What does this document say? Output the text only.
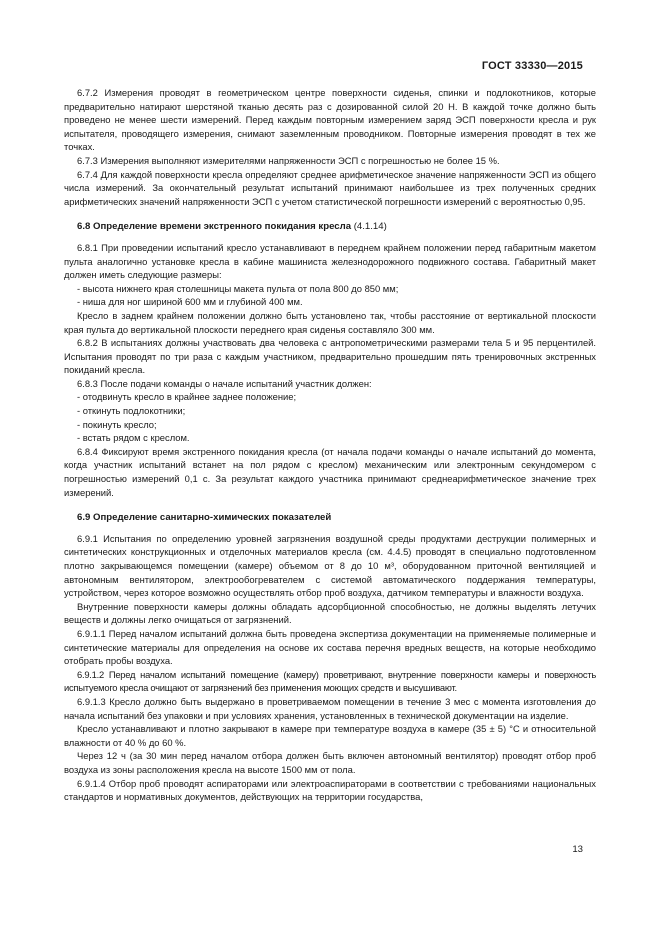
ГОСТ 33330—2015

6.7.2 Измерения проводят в геометрическом центре поверхности сиденья, спинки и подлокотников, которые предварительно натирают шерстяной тканью десять раз с дозированной силой 20 Н. В каждой точке должно быть проведено не менее шести измерений. Перед каждым повторным измерением заряд ЭСП поверхности кресла и рук испытателя, проводящего измерения, снимают заземленным проводником. Повторные измерения проводят в тех же точках.

6.7.3 Измерения выполняют измерителями напряженности ЭСП с погрешностью не более 15 %.

6.7.4 Для каждой поверхности кресла определяют среднее арифметическое значение напряженности ЭСП из общего числа измерений. За окончательный результат испытаний принимают наибольшее из трех полученных средних арифметических значений напряженности ЭСП с учетом статистической погрешности измерений с вероятностью 0,95.

6.8 Определение времени экстренного покидания кресла (4.1.14)

6.8.1 При проведении испытаний кресло устанавливают в переднем крайнем положении перед габаритным макетом пульта аналогично установке кресла в кабине машиниста железнодорожного подвижного состава. Габаритный макет должен иметь следующие размеры:

- высота нижнего края столешницы макета пульта от пола 800 до 850 мм;

- ниша для ног шириной 600 мм и глубиной 400 мм.

Кресло в заднем крайнем положении должно быть установлено так, чтобы расстояние от вертикальной плоскости края пульта до вертикальной плоскости переднего края сиденья составляло 300 мм.

6.8.2 В испытаниях должны участвовать два человека с антропометрическими размерами тела 5 и 95 перцентилей. Испытания проводят по три раза с каждым участником, предварительно прошедшим пять тренировочных экстренных покиданий кресла.

6.8.3 После подачи команды о начале испытаний участник должен:

- отодвинуть кресло в крайнее заднее положение;

- откинуть подлокотники;

- покинуть кресло;

- встать рядом с креслом.

6.8.4 Фиксируют время экстренного покидания кресла (от начала подачи команды о начале испытаний до момента, когда участник испытаний встанет на пол рядом с креслом) механическим или электронным секундомером с погрешностью измерений 0,1 с. За результат каждого участника принимают среднеарифметическое значение трех измерений.

6.9 Определение санитарно-химических показателей

6.9.1 Испытания по определению уровней загрязнения воздушной среды продуктами деструкции полимерных и синтетических конструкционных и отделочных материалов кресла (см. 4.4.5) проводят в специально подготовленном плотно закрывающемся помещении (камере) объемом от 8 до 10 м³, оборудованном приточной вентиляцией и автономным вентилятором, электрообогревателем с системой автоматического поддержания температуры, устройством, через которое возможно осуществлять отбор проб воздуха, датчиком температуры и влажности воздуха.

Внутренние поверхности камеры должны обладать адсорбционной способностью, не должны выделять летучих веществ и должны легко очищаться от загрязнений.

6.9.1.1 Перед началом испытаний должна быть проведена экспертиза документации на применяемые полимерные и синтетические материалы для определения на основе их состава перечня вредных веществ, на которые необходимо отобрать пробы воздуха.

6.9.1.2 Перед началом испытаний помещение (камеру) проветривают, внутренние поверхности камеры и поверхность испытуемого кресла очищают от загрязнений без применения моющих средств и высушивают.

6.9.1.3 Кресло должно быть выдержано в проветриваемом помещении в течение 3 мес с момента изготовления до начала испытаний без упаковки и при условиях хранения, установленных в технической документации на изделие.

Кресло устанавливают и плотно закрывают в камере при температуре воздуха в камере (35 ± 5) °С и относительной влажности от 40 % до 60 %.

Через 12 ч (за 30 мин перед началом отбора должен быть включен автономный вентилятор) проводят отбор проб воздуха из зоны расположения кресла на высоте 1500 мм от пола.

6.9.1.4 Отбор проб проводят аспираторами или электроаспираторами в соответствии с требованиями национальных стандартов и нормативных документов, действующих на территории государства,

13
